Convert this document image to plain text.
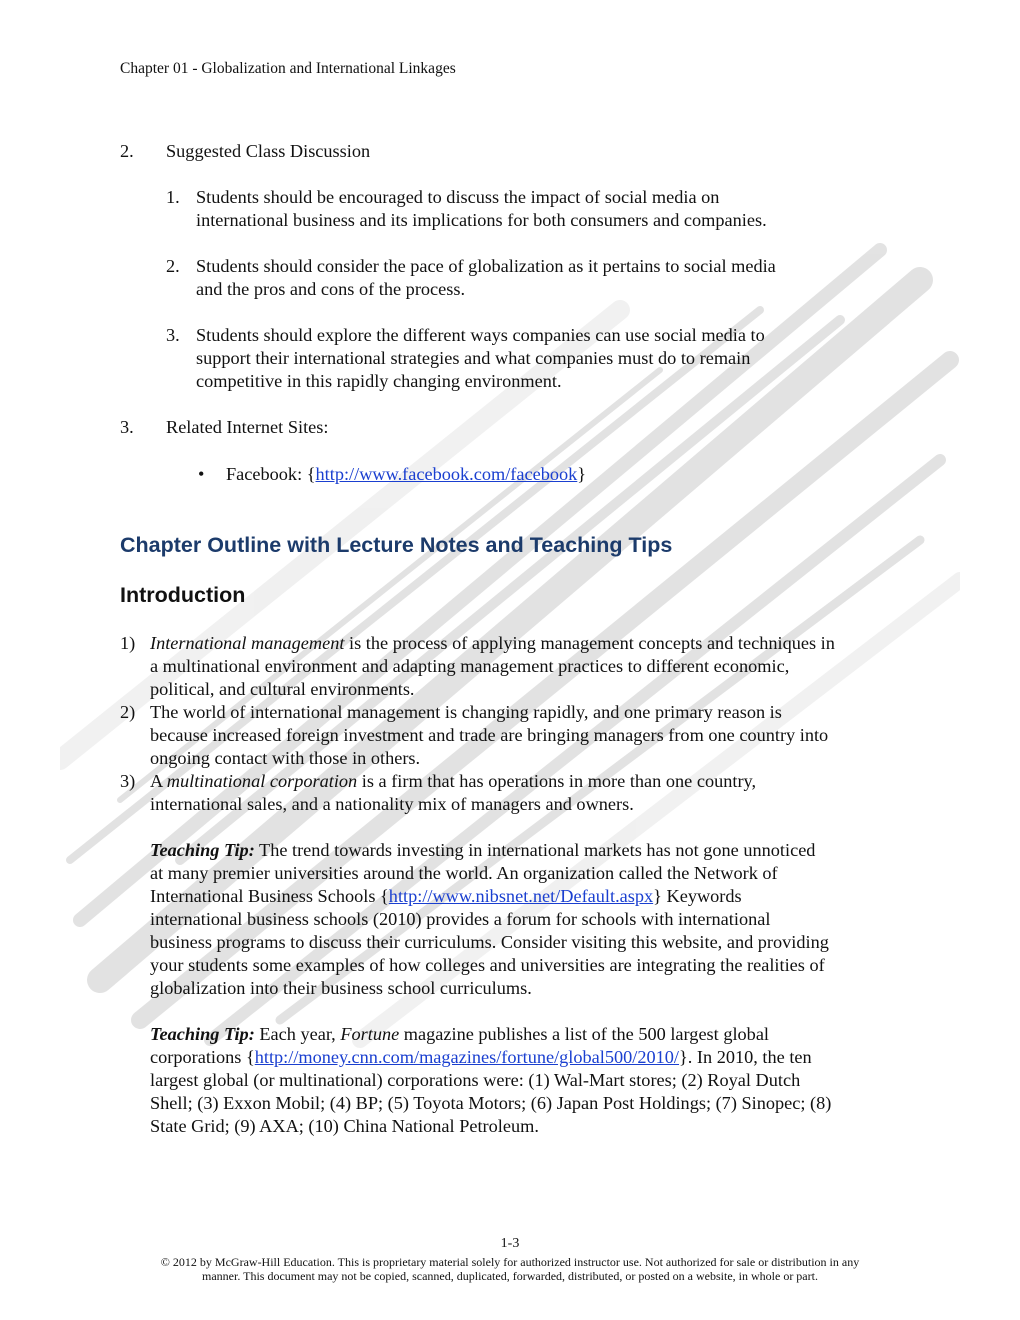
Chapter 01 - Globalization and International Linkages
2. Suggested Class Discussion
1. Students should be encouraged to discuss the impact of social media on
international business and its implications for both consumers and companies.
2. Students should consider the pace of globalization as it pertains to social media
and the pros and cons of the process.
3. Students should explore the different ways companies can use social media to
support their international strategies and what companies must do to remain
competitive in this rapidly changing environment.
3. Related Internet Sites:
• Facebook: {http://www.facebook.com/facebook}
Chapter Outline with Lecture Notes and Teaching Tips
Introduction
1) International management is the process of applying management concepts and techniques in
a multinational environment and adapting management practices to different economic,
political, and cultural environments.
2) The world of international management is changing rapidly, and one primary reason is
because increased foreign investment and trade are bringing managers from one country into
ongoing contact with those in others.
3) A multinational corporation is a firm that has operations in more than one country,
international sales, and a nationality mix of managers and owners.
Teaching Tip: The trend towards investing in international markets has not gone unnoticed
at many premier universities around the world. An organization called the Network of
International Business Schools {http://www.nibsnet.net/Default.aspx} Keywords
international business schools (2010) provides a forum for schools with international
business programs to discuss their curriculums. Consider visiting this website, and providing
your students some examples of how colleges and universities are integrating the realities of
globalization into their business school curriculums.
Teaching Tip: Each year, Fortune magazine publishes a list of the 500 largest global
corporations {http://money.cnn.com/magazines/fortune/global500/2010/}. In 2010, the ten
largest global (or multinational) corporations were: (1) Wal-Mart stores; (2) Royal Dutch
Shell; (3) Exxon Mobil; (4) BP; (5) Toyota Motors; (6) Japan Post Holdings; (7) Sinopec; (8)
State Grid; (9) AXA; (10) China National Petroleum.
1-3
© 2012 by McGraw-Hill Education. This is proprietary material solely for authorized instructor use. Not authorized for sale or distribution in any
manner. This document may not be copied, scanned, duplicated, forwarded, distributed, or posted on a website, in whole or part.
